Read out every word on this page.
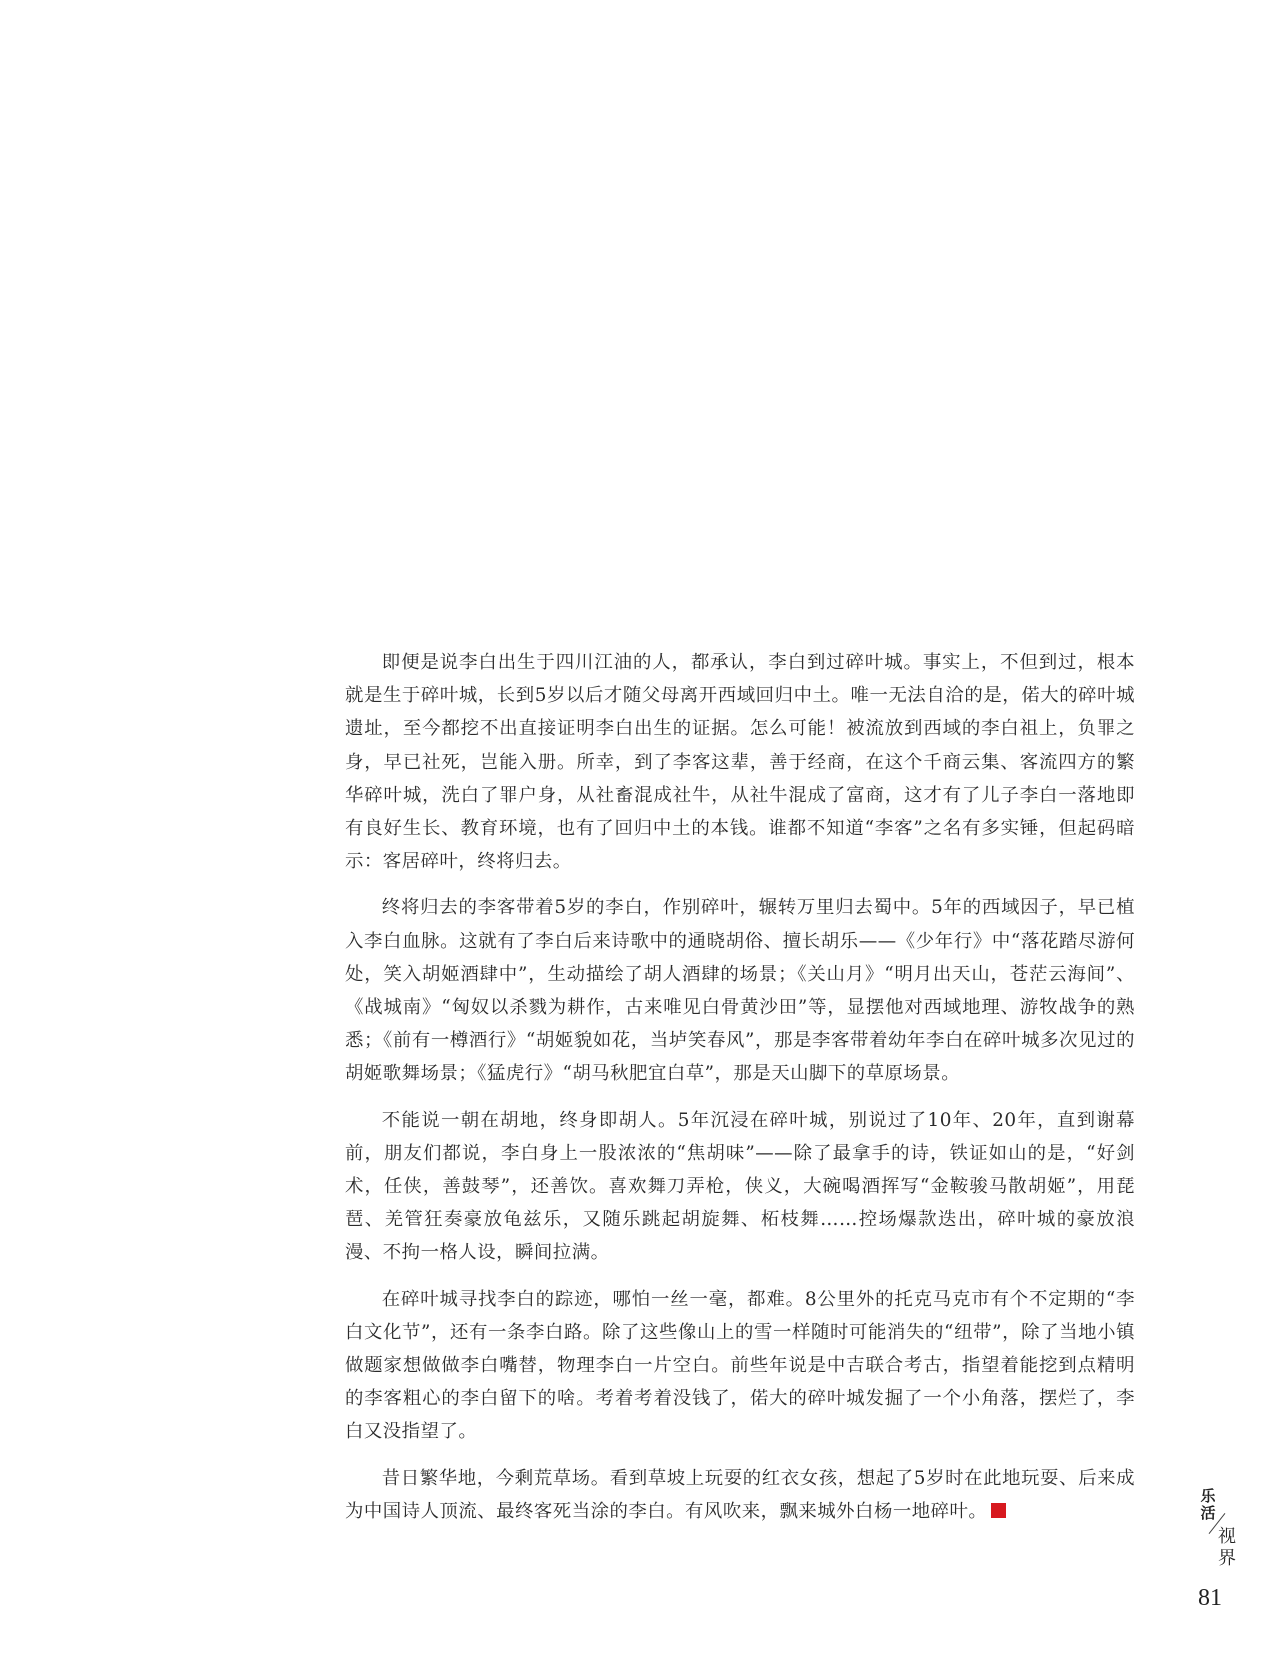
即便是说李白出生于四川江油的人，都承认，李白到过碎叶城。事实上，不但到过，根本就是生于碎叶城，长到5岁以后才随父母离开西域回归中土。唯一无法自洽的是，偌大的碎叶城遗址，至今都挖不出直接证明李白出生的证据。怎么可能！被流放到西域的李白祖上，负罪之身，早已社死，岂能入册。所幸，到了李客这辈，善于经商，在这个千商云集、客流四方的繁华碎叶城，洗白了罪户身，从社畜混成社牛，从社牛混成了富商，这才有了儿子李白一落地即有良好生长、教育环境，也有了回归中土的本钱。谁都不知道“李客”之名有多实锤，但起码暗示：客居碎叶，终将归去。

终将归去的李客带着5岁的李白，作别碎叶，辗转万里归去蜀中。5年的西域因子，早已植入李白血脉。这就有了李白后来诗歌中的通晓胡俗、擅长胡乐——《少年行》中“落花踏尽游何处，笑入胡姬酒肆中”，生动描绘了胡人酒肆的场景；《关山月》“明月出天山，苍茫云海间”、《战城南》“匈奴以杀戮为耕作，古来唯见白骨黄沙田”等，显摆他对西域地理、游牧战争的熟悉；《前有一樽酒行》“胡姬貌如花，当垆笑春风”，那是李客带着幼年李白在碎叶城多次见过的胡姬歌舞场景；《猛虎行》“胡马秋肥宜白草”，那是天山脚下的草原场景。

不能说一朝在胡地，终身即胡人。5年沉浸在碎叶城，别说过了10年、20年，直到谢幕前，朋友们都说，李白身上一股浓浓的“焦胡味”——除了最拿手的诗，铁证如山的是，“好剑术，任侠，善鼓琴”，还善饮。喜欢舞刀弄枪，侠义，大碗喝酒挥写“金鞍骏马散胡姬”，用琵琶、羌管狂奏豪放龟兹乐，又随乐跳起胡旋舞、柘枝舞……控场爆款迭出，碎叶城的豪放浪漫、不拘一格人设，瞬间拉满。

在碎叶城寻找李白的踪迹，哪怕一丝一毫，都难。8公里外的托克马克市有个不定期的“李白文化节”，还有一条李白路。除了这些像山上的雪一样随时可能消失的“纽带”，除了当地小镇做题家想做做李白嘴替，物理李白一片空白。前些年说是中吉联合考古，指望着能挖到点精明的李客粗心的李白留下的啥。考着考着没钱了，偌大的碎叶城发掘了一个小角落，摆烂了，李白又没指望了。

昔日繁华地，今剩荒草场。看到草坡上玩耍的红衣女孩，想起了5岁时在此地玩耍、后来成为中国诗人顶流、最终客死当涂的李白。有风吹来，飘来城外白杨一地碎叶。

乐活
视界
81
